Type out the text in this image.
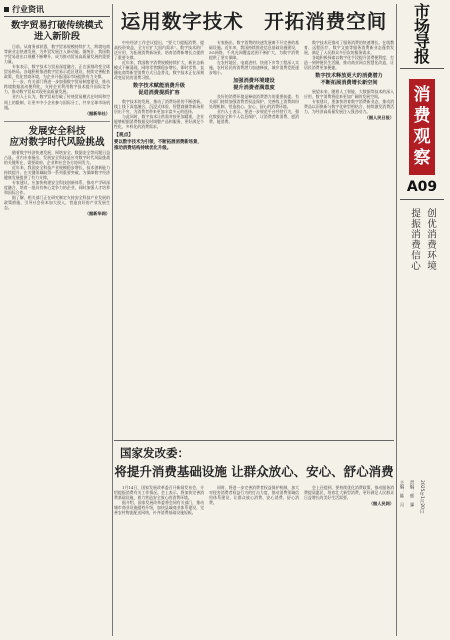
行业资讯
数字贸易打破传统模式
进入新阶段

日前，从商务部获悉，数字贸易规模持续扩大，跨境电商等新业态快速发展，为外贸发展注入新动能。据统计，我国数字贸易进出口规模不断攀升，成为推动贸易高质量发展的重要力量。

专家表示，数字技术与贸易深度融合，正在深刻改变全球贸易格局。各地积极推进数字贸易示范区建设，持续完善配套政策，优化营商环境，为企业开拓国际市场提供有力支撑。

下一步，有关部门将进一步加强数字贸易制度建设，推动跨境数据流动便利化，支持企业利用数字技术提升国际竞争力，推动数字贸易实现更高质量发展。

业内人士认为，数字贸易打破了传统贸易模式在时间和空间上的限制，让更多中小企业参与国际分工，共享全球市场机遇。

（据新华社）
发展安全科技
应对数字时代风险挑战

随着数字经济快速发展，网络安全、数据安全等问题日益凸显。业内专家指出，发展安全科技是应对数字时代风险挑战的关键所在，需要政府、企业和社会各方协同发力。

近年来，我国安全科技产业规模稳步增长，技术创新能力持续提升，在关键领域取得一系列重要突破，为保障数字经济健康发展提供了有力支撑。

专家建议，应加快构建安全科技创新体系，推动产学研深度融合，培育一批具有核心竞争力的企业，同时加强人才培养和国际合作。

据了解，相关部门正在研究制定支持安全科技产业发展的政策措施，引导社会资本加大投入，营造良好的产业发展生态。

（据新华网）
运用数字技术　开拓消费空间

中央经济工作会议提出，“要大力提振消费、提高投资效益，全方位扩大国内需求”。数字技术的广泛应用，为拓展消费新场景、培育消费新增长点提供了重要支撑。

近年来，我国数字消费规模持续扩大，新业态新模式不断涌现。网络零售额稳步增长，即时零售、直播电商等新型消费方式日益普及，数字技术正在深刻改变居民的消费习惯。

数字技术赋能消费升级
促进消费提质扩容

数字技术的发展，推动了消费场景的不断创新。线上线下深度融合，沉浸式体验、智慧商圈等新场景层出不穷，为消费者带来更加丰富多元的选择。

与此同时，数字技术让供需对接更加精准，企业能够根据消费数据及时调整产品和服务，更好满足个性化、多样化的消费需求。

【观点】
要以数字技术为引领，不断拓展消费新场景，推动消费结构持续优化升级。

专家指出，数字消费的快速发展离不开完善的基础设施。近年来，我国持续推进信息基础设施建设，5G网络、千兆光网覆盖范围不断扩大，为数字消费提供了坚实保障。

在农村地区，电商进村、快递下乡等工程深入实施，农村居民的消费潜力加速释放，城乡消费差距逐步缩小。

加强消费环境建设
提升消费者满意度

良好的消费环境是释放消费潜力的重要前提。有关部门持续加强消费者权益保护，完善线上消费纠纷处理机制，营造放心、安心、舒心的消费环境。

业内人士表示，要进一步规范平台经营行为，强化数据安全和个人信息保护，让消费者敢消费、愿消费、能消费。

数字技术还推动了服务消费的快速增长。在线教育、远程医疗、数字文旅等服务消费新业态蓬勃发展，满足了人民群众多层次的服务需求。

各地积极探索以数字化手段提升消费便利度，打造一刻钟便民生活圈，推动商业网点智慧化改造，让居民消费更加便捷。

数字技术释放更大的消费潜力
不断拓展消费增长新空间

展望未来，随着人工智能、大数据等技术的深入应用，数字消费将迎来更加广阔的发展空间。

专家建议，要加快培育数字消费新业态，推动消费品以旧换新与数字化转型相结合，持续激发消费活力，为经济高质量发展注入强劲动力。

（据人民日报）
国家发改委：
将提升消费基础设施 让群众放心、安心、舒心消费

1月14日，国家发展改革委召开新闻发布会，介绍提振消费有关工作情况。会上表示，将加快完善消费基础设施，着力营造安全放心的消费环境。

据介绍，国家发展改革委将会同有关部门，推动城市商业设施提档升级，加快县域商业体系建设，完善农村物流配送网络，补齐消费基础设施短板。

同时，将进一步完善消费者权益保护机制，加大对侵害消费者权益行为的打击力度，推动消费领域信用体系建设，让群众放心消费、安心消费、舒心消费。

会上还提到，要持续优化消费政策，推动服务消费提质惠民，培育壮大新型消费，更好满足人民群众日益增长的美好生活需要。

（据人民网）
市
场
导
报
消
费
观
察
A09
创优消费环境
提振消费信心
主编：陈　月 责编：邢　霁 2025年1月20日
